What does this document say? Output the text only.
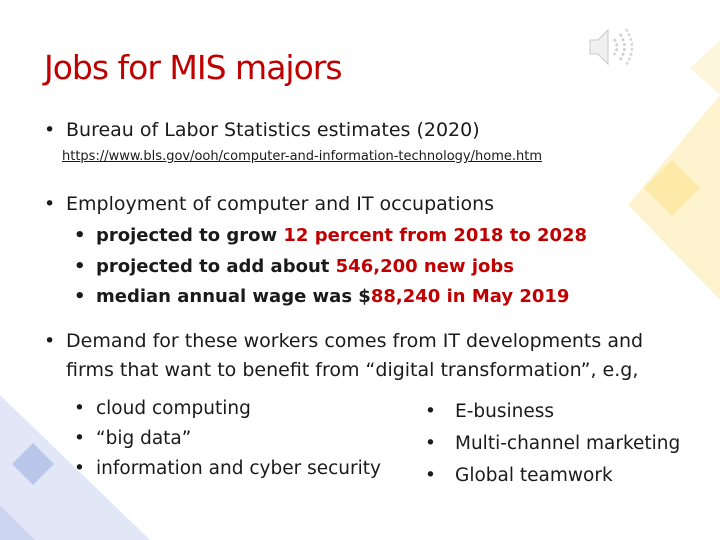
Jobs for MIS majors
• Bureau of Labor Statistics estimates (2020)
https://www.bls.gov/ooh/computer-and-information-technology/home.htm
• Employment of computer and IT occupations
• projected to grow 12 percent from 2018 to 2028
• projected to add about 546,200 new jobs
• median annual wage was $88,240 in May 2019
• Demand for these workers comes from IT developments and
firms that want to benefit from “digital transformation”, e.g,
• cloud computing
• “big data”
• information and cyber security
• E-business
• Multi-channel marketing
• Global teamwork
